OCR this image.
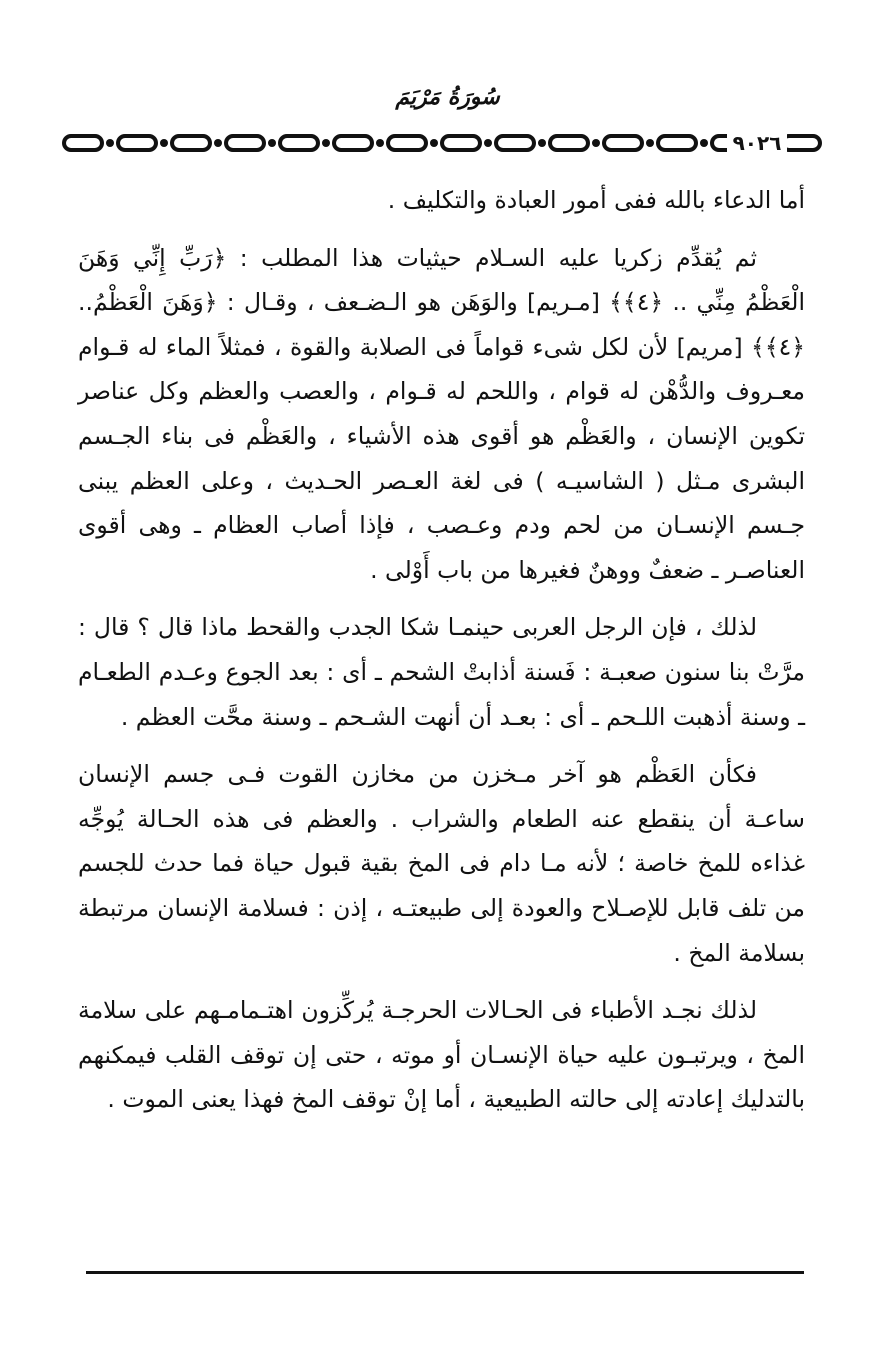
سُورَةُ مَرْيَمَ
٩٠٢٦

أما الدعاء بالله ففى أمور العبادة والتكليف .

ثم يُقدِّم زكريا عليه السـلام حيثيات هذا المطلب : ﴿رَبِّ إِنِّي وَهَنَ الْعَظْمُ مِنِّي .. ﴿٤﴾﴾ [مـريم] والوَهَن هو الـضـعف ، وقـال : ﴿وَهَنَ الْعَظْمُ.. ﴿٤﴾﴾ [مريم] لأن لكل شىء قواماً فى الصلابة والقوة ، فمثلاً الماء له قـوام معـروف والدُّهْن له قوام ، واللحم له قـوام ، والعصب والعظم وكل عناصر تكوين الإنسان ، والعَظْم هو أقوى هذه الأشياء ، والعَظْم فى بناء الجـسم البشرى مـثل ( الشاسيـه ) فى لغة العـصر الحـديث ، وعلى العظم يبنى جـسم الإنسـان من لحم ودم وعـصب ، فإذا أصاب العظام ـ وهى أقوى العناصـر ـ ضعفٌ ووهنٌ فغيرها من باب أَوْلى .

لذلك ، فإن الرجل العربى حينمـا شكا الجدب والقحط ماذا قال ؟ قال : مرَّتْ بنا سنون صعبـة : فَسنة أذابتْ الشحم ـ أى : بعد الجوع وعـدم الطعـام ـ وسنة أذهبت اللـحم ـ أى : بعـد أن أنهت الشـحم ـ وسنة محَّت العظم .

فكأن العَظْم هو آخر مـخزن من مخازن القوت فـى جسم الإنسان ساعـة أن ينقطع عنه الطعام والشراب . والعظم فى هذه الحـالة يُوجِّه غذاءه للمخ خاصة ؛ لأنه مـا دام فى المخ بقية قبول حياة فما حدث للجسم من تلف قابل للإصـلاح والعودة إلى طبيعتـه ، إذن : فسلامة الإنسان مرتبطة بسلامة المخ .

لذلك نجـد الأطباء فى الحـالات الحرجـة يُركِّزون اهتـمامـهم على سلامة المخ ، ويرتبـون عليه حياة الإنسـان أو موته ، حتى إن توقف القلب فيمكنهم بالتدليك إعادته إلى حالته الطبيعية ، أما إنْ توقف المخ فهذا يعنى الموت .
